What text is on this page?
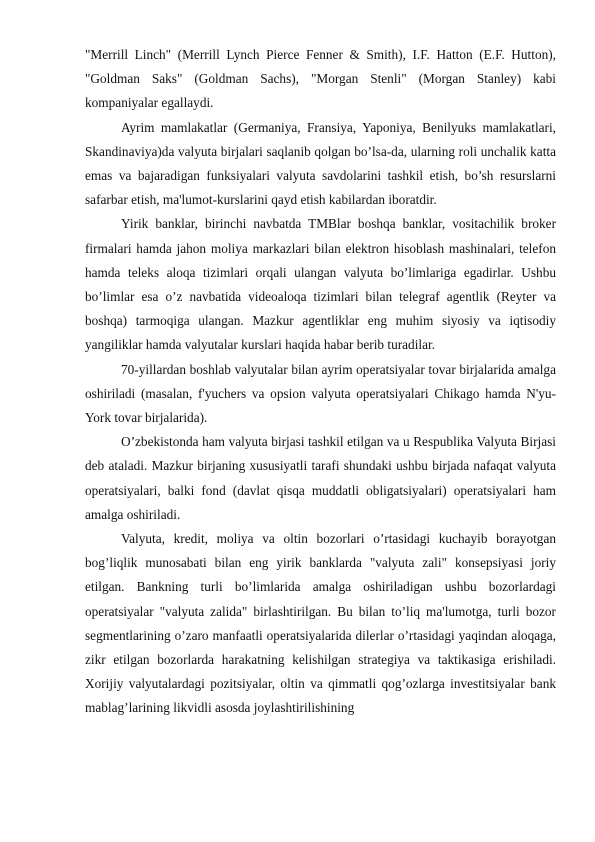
"Merrill Linch" (Merrill Lynch Pierce Fenner & Smith), I.F. Hatton (E.F. Hutton), "Goldman Saks" (Goldman Sachs), "Morgan Stenli" (Morgan Stanley) kabi kompaniyalar egallaydi.

Ayrim mamlakatlar (Germaniya, Fransiya, Yaponiya, Benilyuks mamlakatlari, Skandinaviya)da valyuta birjalari saqlanib qolgan bo’lsa-da, ularning roli unchalik katta emas va bajaradigan funksiyalari valyuta savdolarini tashkil etish, bo’sh resurslarni safarbar etish, ma'lumot-kurslarini qayd etish kabilardan iboratdir.

Yirik banklar, birinchi navbatda TMBlar boshqa banklar, vositachilik broker firmalari hamda jahon moliya markazlari bilan elektron hisoblash mashinalari, telefon hamda teleks aloqa tizimlari orqali ulangan valyuta bo’limlariga egadirlar. Ushbu bo’limlar esa o’z navbatida videoaloqa tizimlari bilan telegraf agentlik (Reyter va boshqa) tarmoqiga ulangan. Mazkur agentliklar eng muhim siyosiy va iqtisodiy yangiliklar hamda valyutalar kurslari haqida habar berib turadilar.

70-yillardan boshlab valyutalar bilan ayrim operatsiyalar tovar birjalarida amalga oshiriladi (masalan, f'yuchers va opsion valyuta operatsiyalari Chikago hamda N'yu-York tovar birjalarida).

O’zbekistonda ham valyuta birjasi tashkil etilgan va u Respublika Valyuta Birjasi deb ataladi. Mazkur birjaning xususiyatli tarafi shundaki ushbu birjada nafaqat valyuta operatsiyalari, balki fond (davlat qisqa muddatli obligatsiyalari) operatsiyalari ham amalga oshiriladi.

Valyuta, kredit, moliya va oltin bozorlari o’rtasidagi kuchayib borayotgan bog’liqlik munosabati bilan eng yirik banklarda "valyuta zali" konsepsiyasi joriy etilgan. Bankning turli bo’limlarida amalga oshiriladigan ushbu bozorlardagi operatsiyalar "valyuta zalida" birlashtirilgan. Bu bilan to’liq ma'lumotga, turli bozor segmentlarining o’zaro manfaatli operatsiyalarida dilerlar o’rtasidagi yaqindan aloqaga, zikr etilgan bozorlarda harakatning kelishilgan strategiya va taktikasiga erishiladi. Xorijiy valyutalardagi pozitsiyalar, oltin va qimmatli qog’ozlarga investitsiyalar bank mablag’larining likvidli asosda joylashtirilishining
